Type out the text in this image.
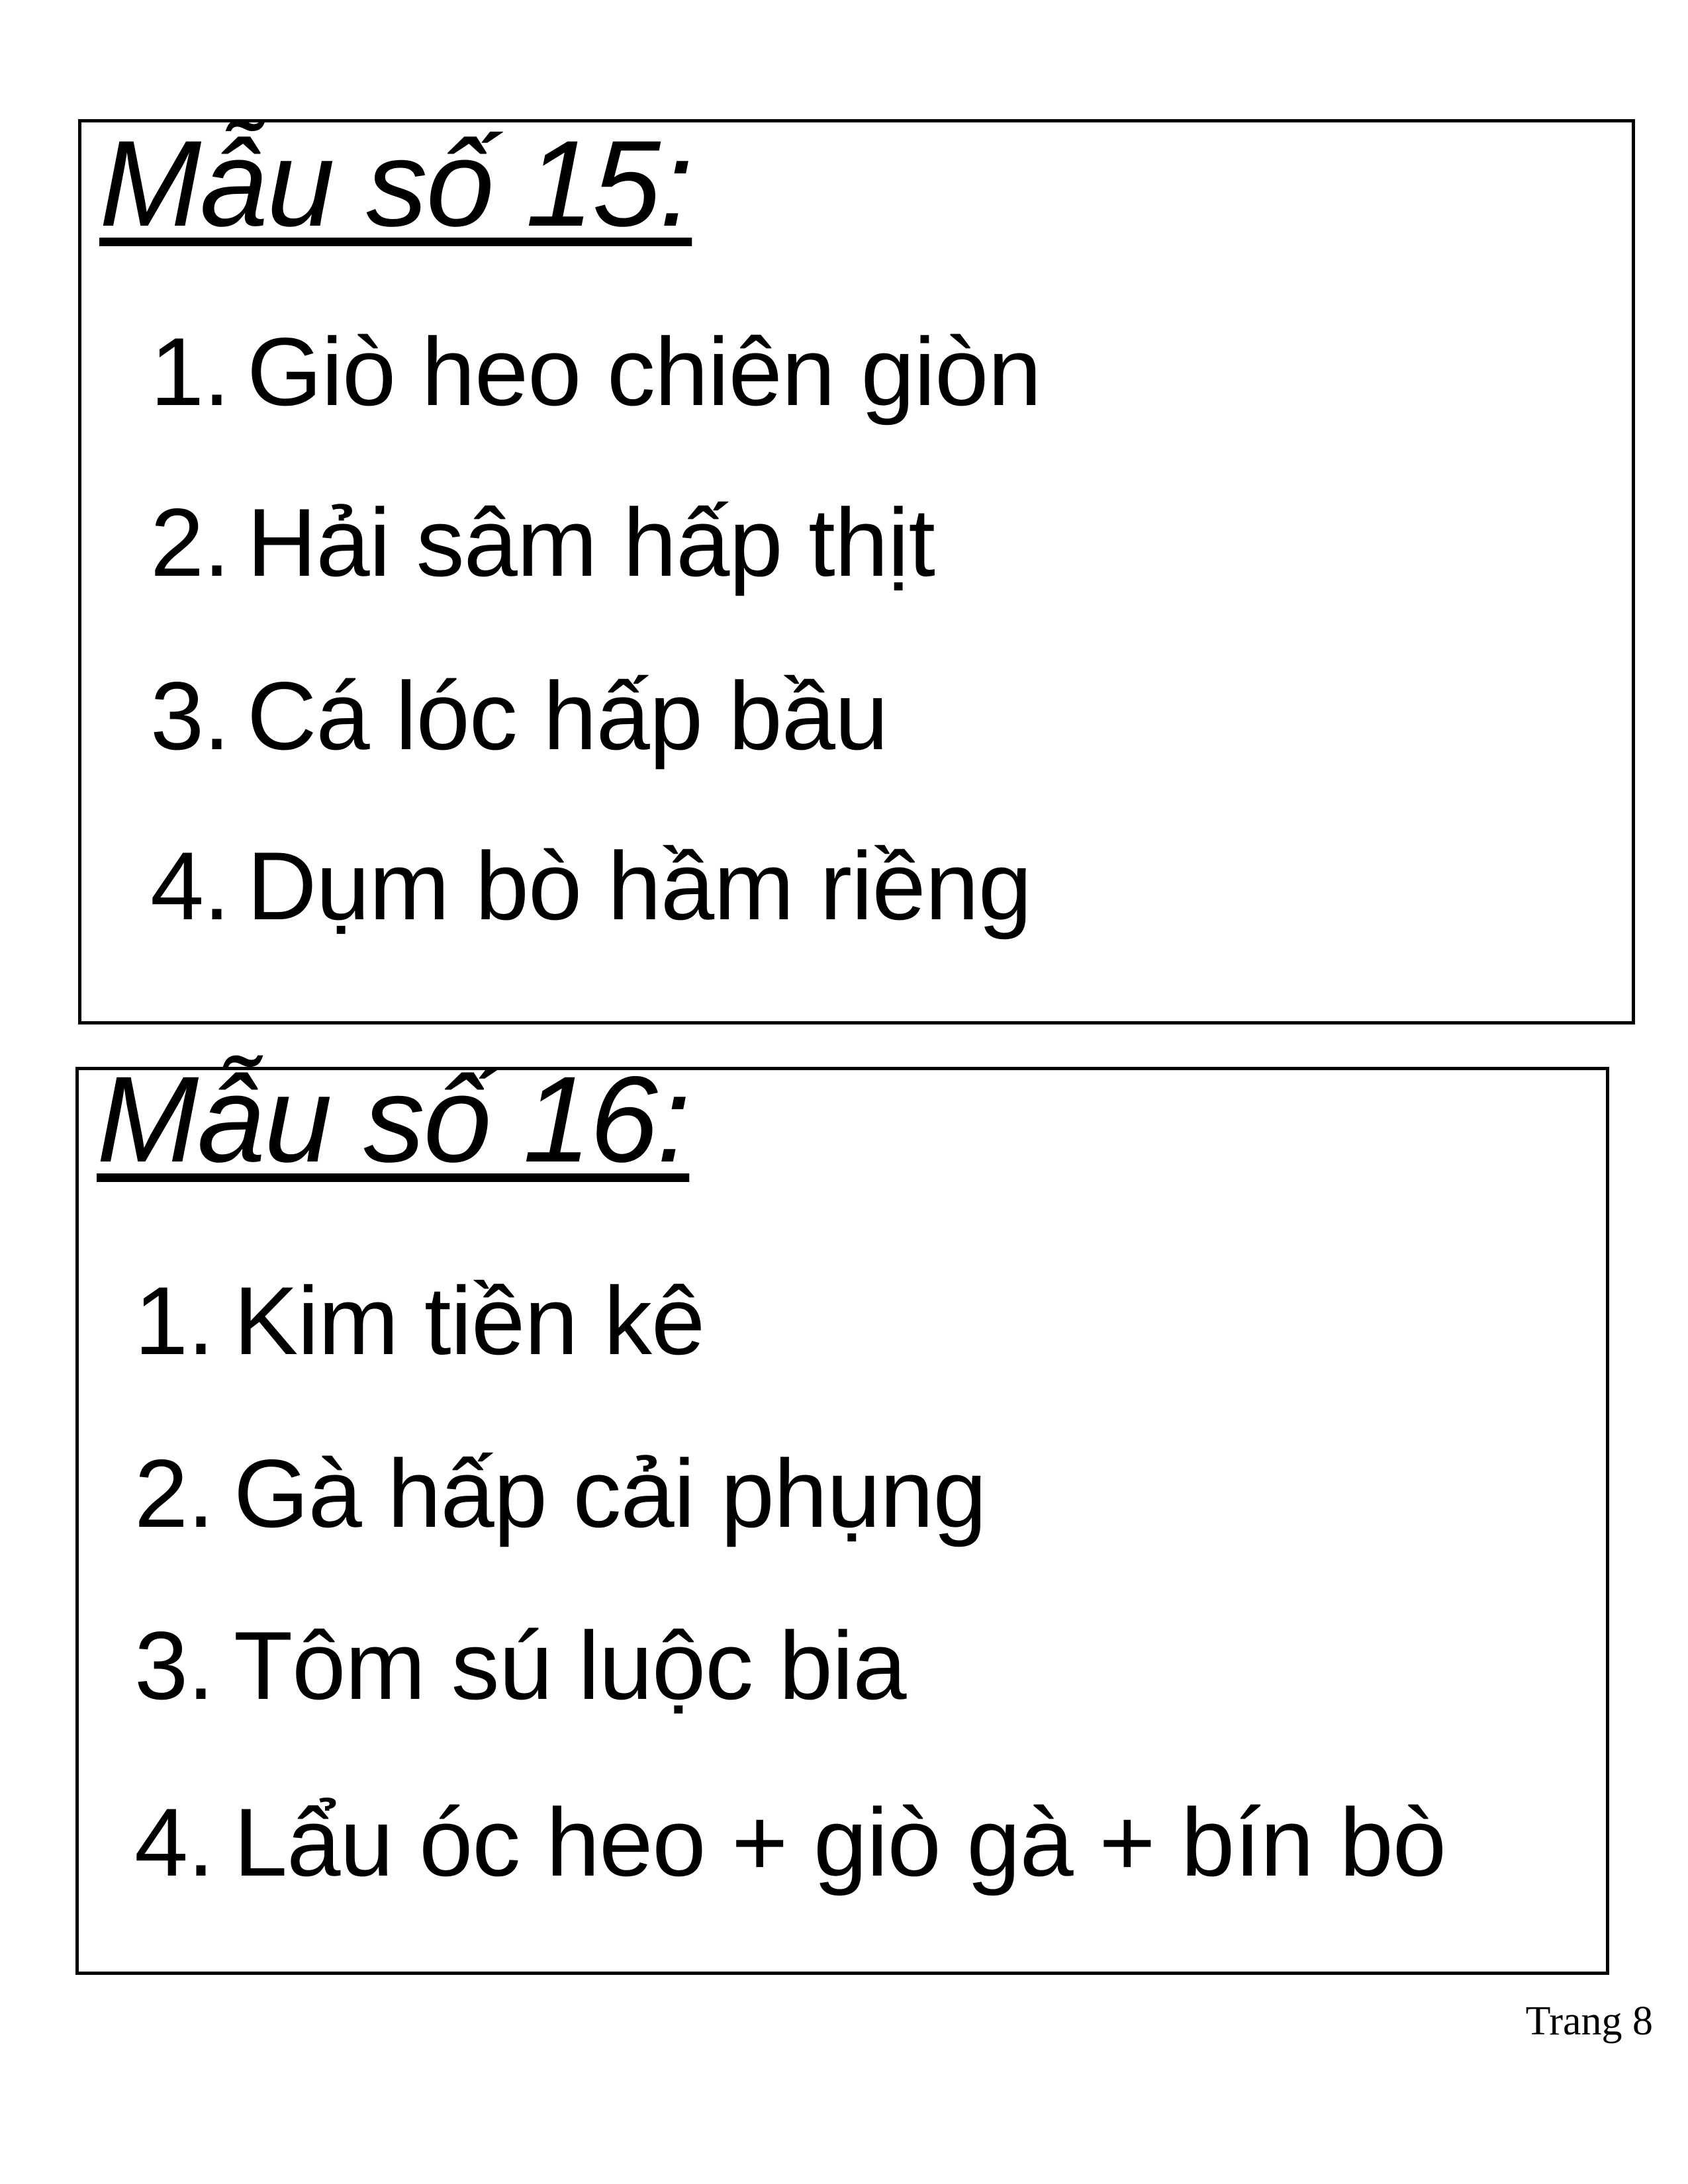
Mẫu số 15:
1. Giò heo chiên giòn
2. Hải sâm hấp thịt
3. Cá lóc hấp bầu
4. Dụm bò hầm riềng
Mẫu số 16:
1. Kim tiền kê
2. Gà hấp cải phụng
3. Tôm sú luộc bia
4. Lẩu óc heo + giò gà + bín bò
Trang 8
